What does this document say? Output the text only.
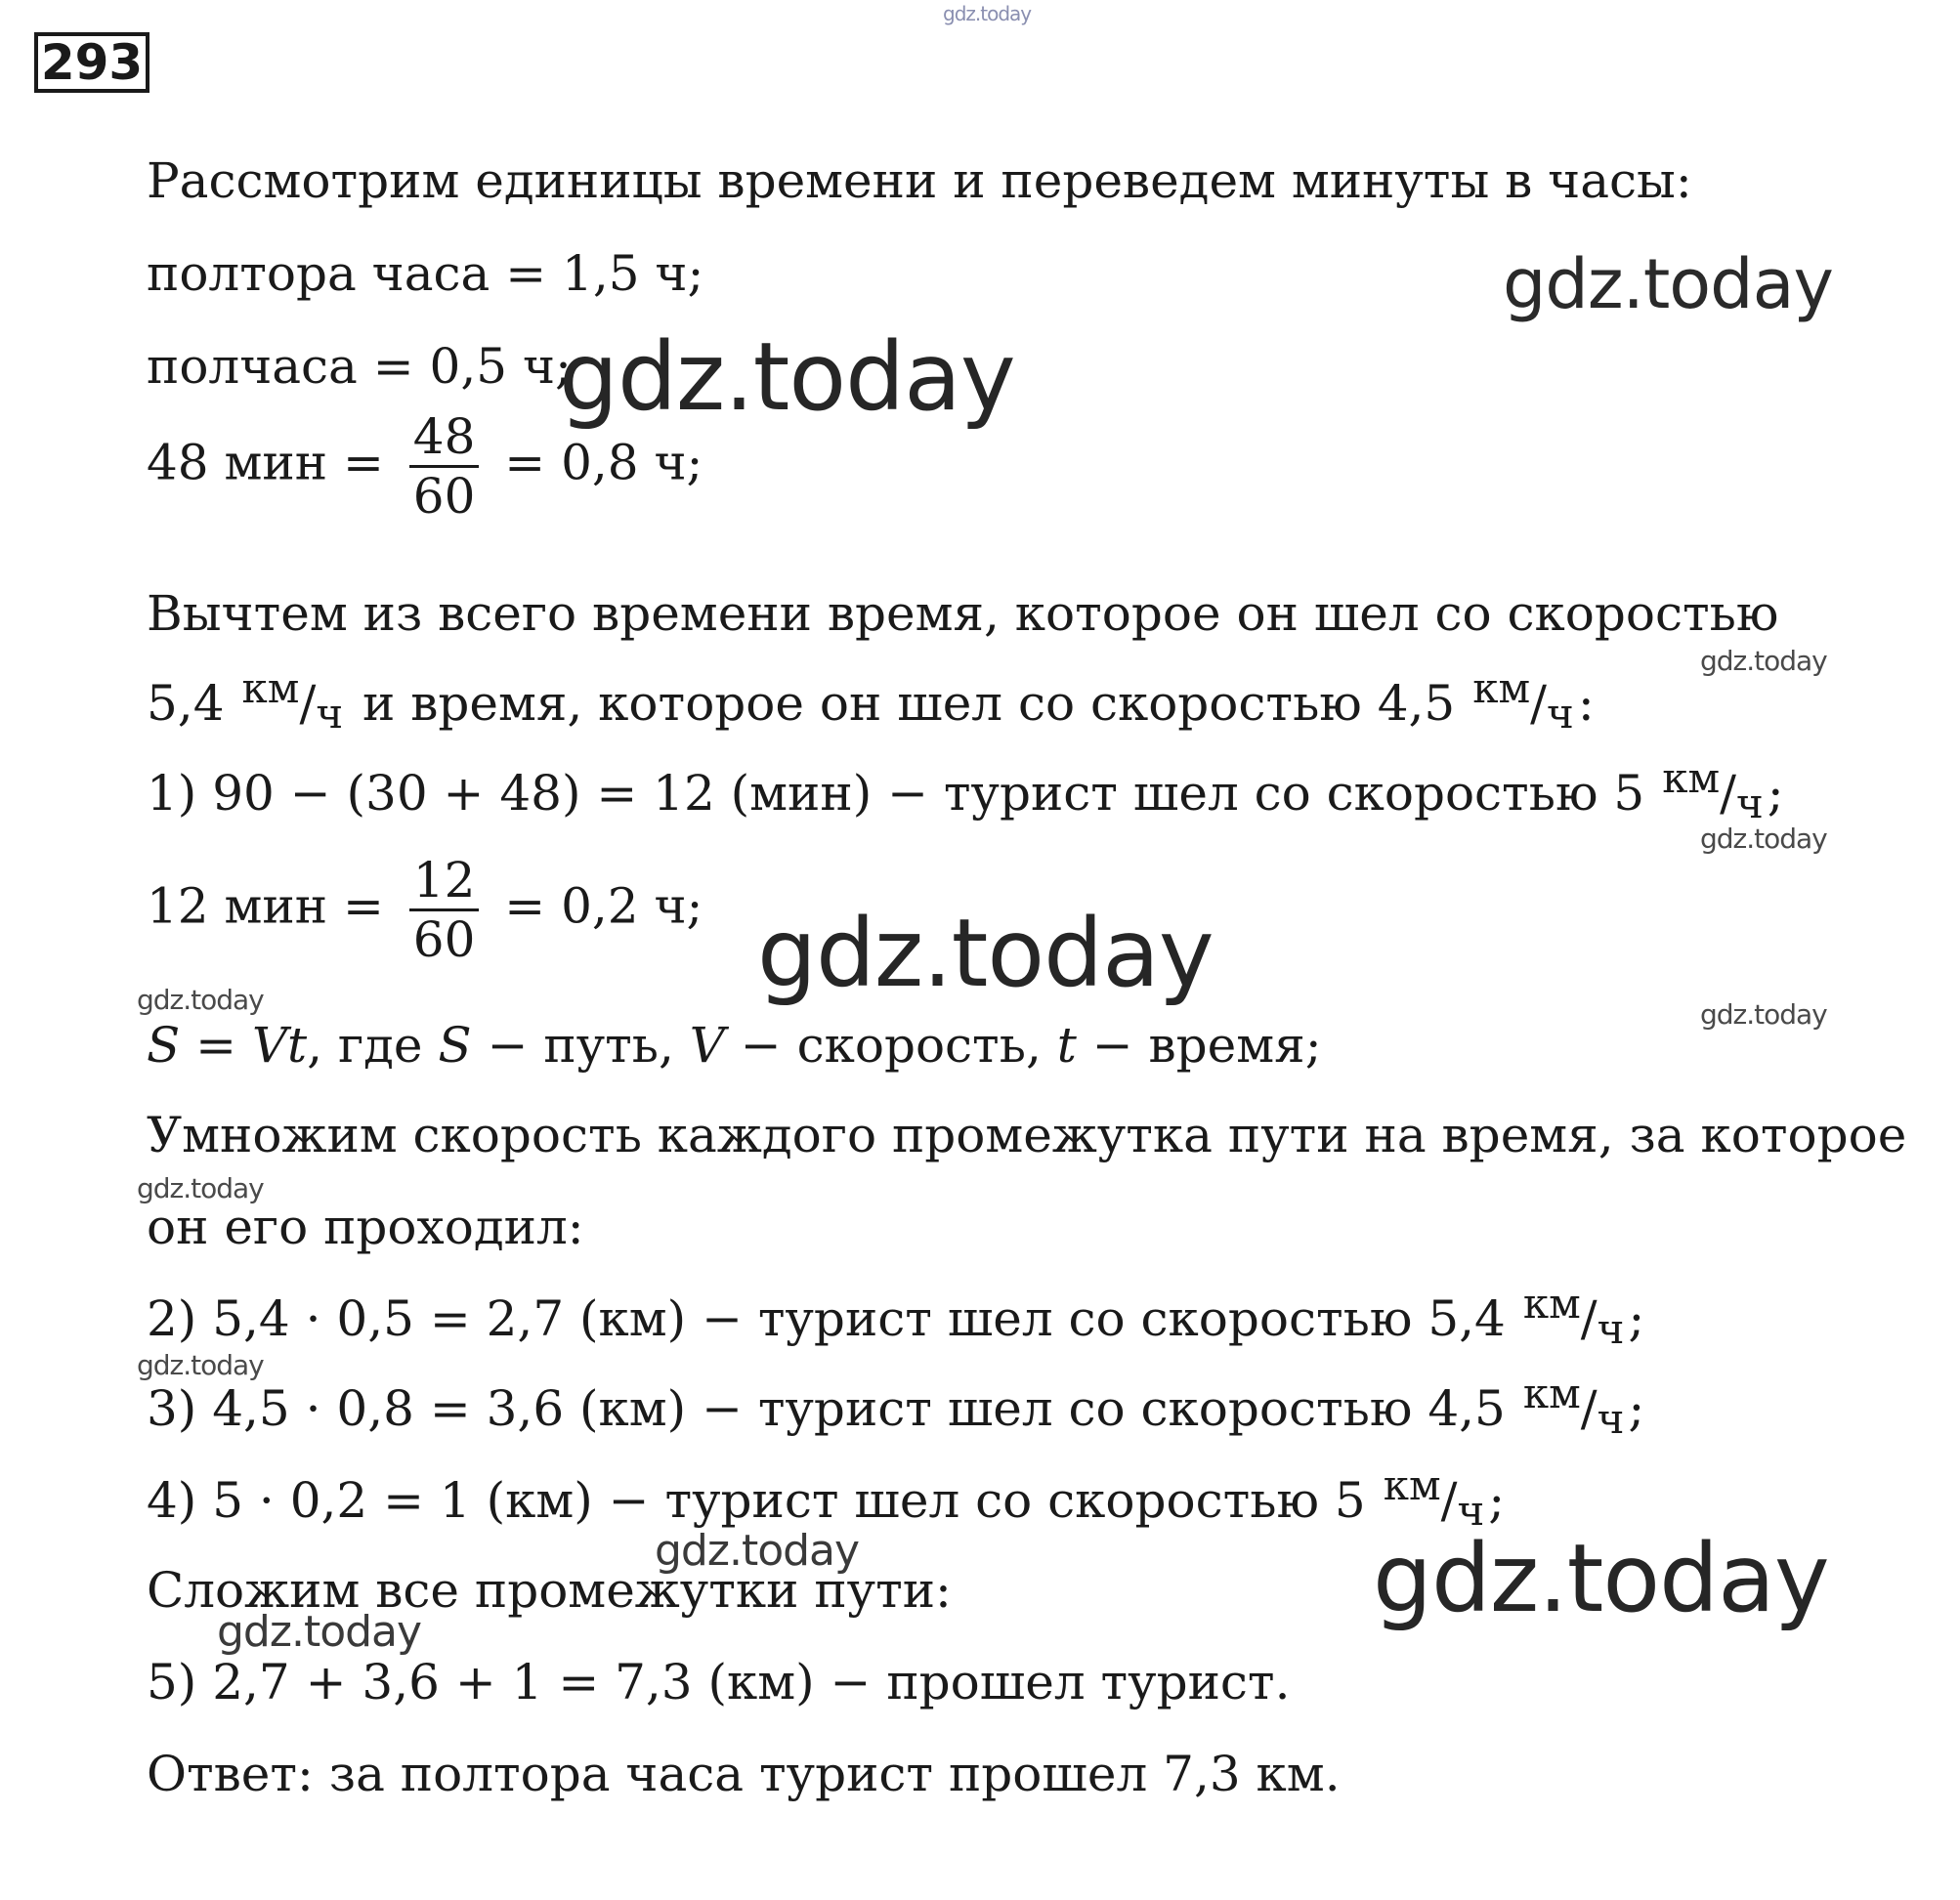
293
Рассмотрим единицы времени и переведем минуты в часы:
полтора часа = 1,5 ч;
полчаса = 0,5 ч;
48 мин = $\frac{48}{60} = 0,8$ ч;
Вычтем из всего времени время, которое он шел со скоростью
5,4 $^{км}$/ч и время, которое он шел со скоростью 4,5 $^{км}$/ч:
1) 90 − (30 + 48) = 12 (мин) − турист шел со скоростью 5 $^{км}$/ч;
12 мин = $\frac{12}{60} = 0,2$ ч;
S = Vt, где S − путь, V − скорость, t − время;
Умножим скорость каждого промежутка пути на время, за которое
он его проходил:
2) 5,4 · 0,5 = 2,7 (км) − турист шел со скоростью 5,4 $^{км}$/ч;
3) 4,5 · 0,8 = 3,6 (км) − турист шел со скоростью 4,5 $^{км}$/ч;
4) 5 · 0,2 = 1 (км) − турист шел со скоростью 5 $^{км}$/ч;
Сложим все промежутки пути:
5) 2,7 + 3,6 + 1 = 7,3 (км) − прошел турист.
Ответ: за полтора часа турист прошел 7,3 км.
gdz.today
gdz.today
gdz.today
gdz.today
gdz.today
gdz.today
gdz.today	gdz.today
gdz.today
gdz.today
gdz.today	gdz.today
gdz.today
